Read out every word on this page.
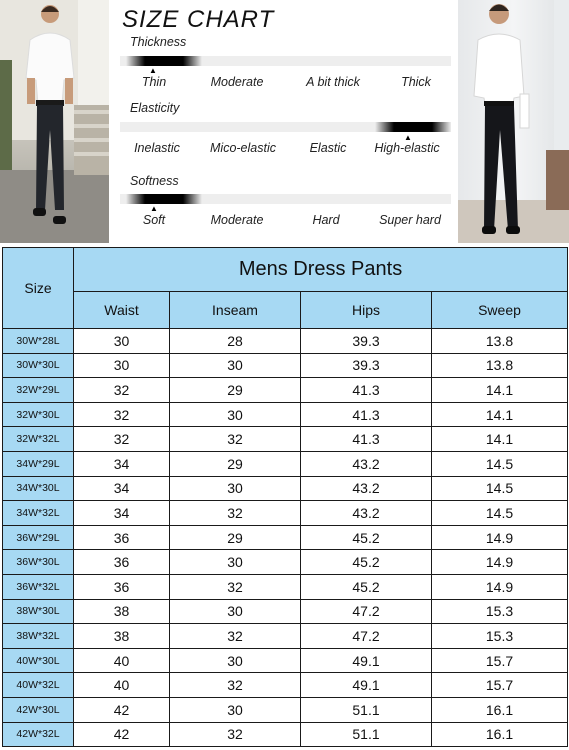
SIZE CHART
Thickness
▲
Thin	Moderate	A bit thick	Thick
Elasticity
▲
Inelastic Mico-elastic	Elastic High-elastic
Softness
▲
Soft	Moderate	Hard	Super hard
Size	Mens Dress Pants			
	Waist	Inseam	Hips	Sweep
30W*28L	30	28	39.3	13.8
30W*30L	30	30	39.3	13.8
32W*29L	32	29	41.3	14.1
32W*30L	32	30	41.3	14.1
32W*32L	32	32	41.3	14.1
34W*29L	34	29	43.2	14.5
34W*30L	34	30	43.2	14.5
34W*32L	34	32	43.2	14.5
36W*29L	36	29	45.2	14.9
36W*30L	36	30	45.2	14.9
36W*32L	36	32	45.2	14.9
38W*30L	38	30	47.2	15.3
38W*32L	38	32	47.2	15.3
40W*30L	40	30	49.1	15.7
40W*32L	40	32	49.1	15.7
42W*30L	42	30	51.1	16.1
42W*32L	42	32	51.1	16.1
